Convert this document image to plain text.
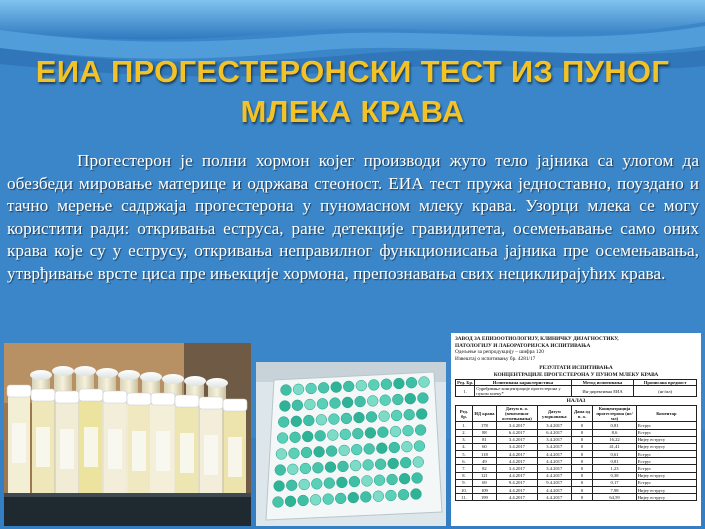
ЕИА ПРОГЕСТЕРОНСКИ ТЕСТ ИЗ ПУНОГ
МЛЕКА КРАВА
Прогестерон је полни хормон којег производи жуто тело јајника са улогом да обезбеди мировање материце и одржава стеоност. ЕИА тест пружа једноставно, поуздано и тачно мерење садржаја прогестерона у пуномасном млеку крава. Узорци млека се могу користити ради: откривања еструса, ране детекције гравидитета, осемењавање само оних крава које су у еструсу, откривања неправилног функционисања јајника пре осемењавања, утврђивање врсте циса пре ињекције хормона, препознавања свих нециклирајућих крава.
ЗАВОД ЗА ЕПИЗООТИОЛОГИЈУ, КЛИНИЧКУ ДИЈАГНОСТИКУ,
ПАТОЛОГИЈУ И ЛАБОРАТОРИЈСКА ИСПИТИВАЊА
Одељење за репродукцију – шифра 120
Извештај о испитивању бр. 4281/17
РЕЗУЛТАТИ ИСПИТИВАЊА
КОНЦЕНТРАЦИЈЕ ПРОГЕСТЕРОНА У ПУНОМ МЛЕКУ КРАВА
Ред. Бр.	Испитивана карактеристика	Метод испитивања	Прописана вредност
1.	Одређивање концентрације прогестерона у пуном млеку*	Ин-директивна ЕИА	(нг/мл)
НАЛАЗ
Ред. бр.	ИД крава	Датум в. о. (вештачког осемењавања)	Датум узорковања	Дана од в. о.	Концентрација прогестерона (нг/мл)	Коментар
1.	178	3.4.2017	3.4.2017	0	0,81	Еструс
2.	88	6.4.2017	6.4.2017	0	8,6	Еструс
3.	81	3.4.2017	3.4.2017	0	16,22	Нијеу еструсу
4.	60	3.4.2017	3.4.2017	0	41,41	Нијеу еструсу
5.	118	4.4.2017	4.4.2017	0	0,61	Еструс
6.	49	4.4.2017	4.4.2017	0	0,81	Еструс
7.	82	3.4.2017	3.4.2017	0	1,23	Еструс
8.	121	4.4.2017	4.4.2017	0	0,38	Нијеу еструсу
9.	69	9.4.2017	9.4.2017	0	0,17	Еструс
10.	109	4.4.2017	4.4.2017	0	7,98	Нијеу еструсу
11.	199	4.4.2017	4.4.2017	0	64,59	Нијеу еструсу
